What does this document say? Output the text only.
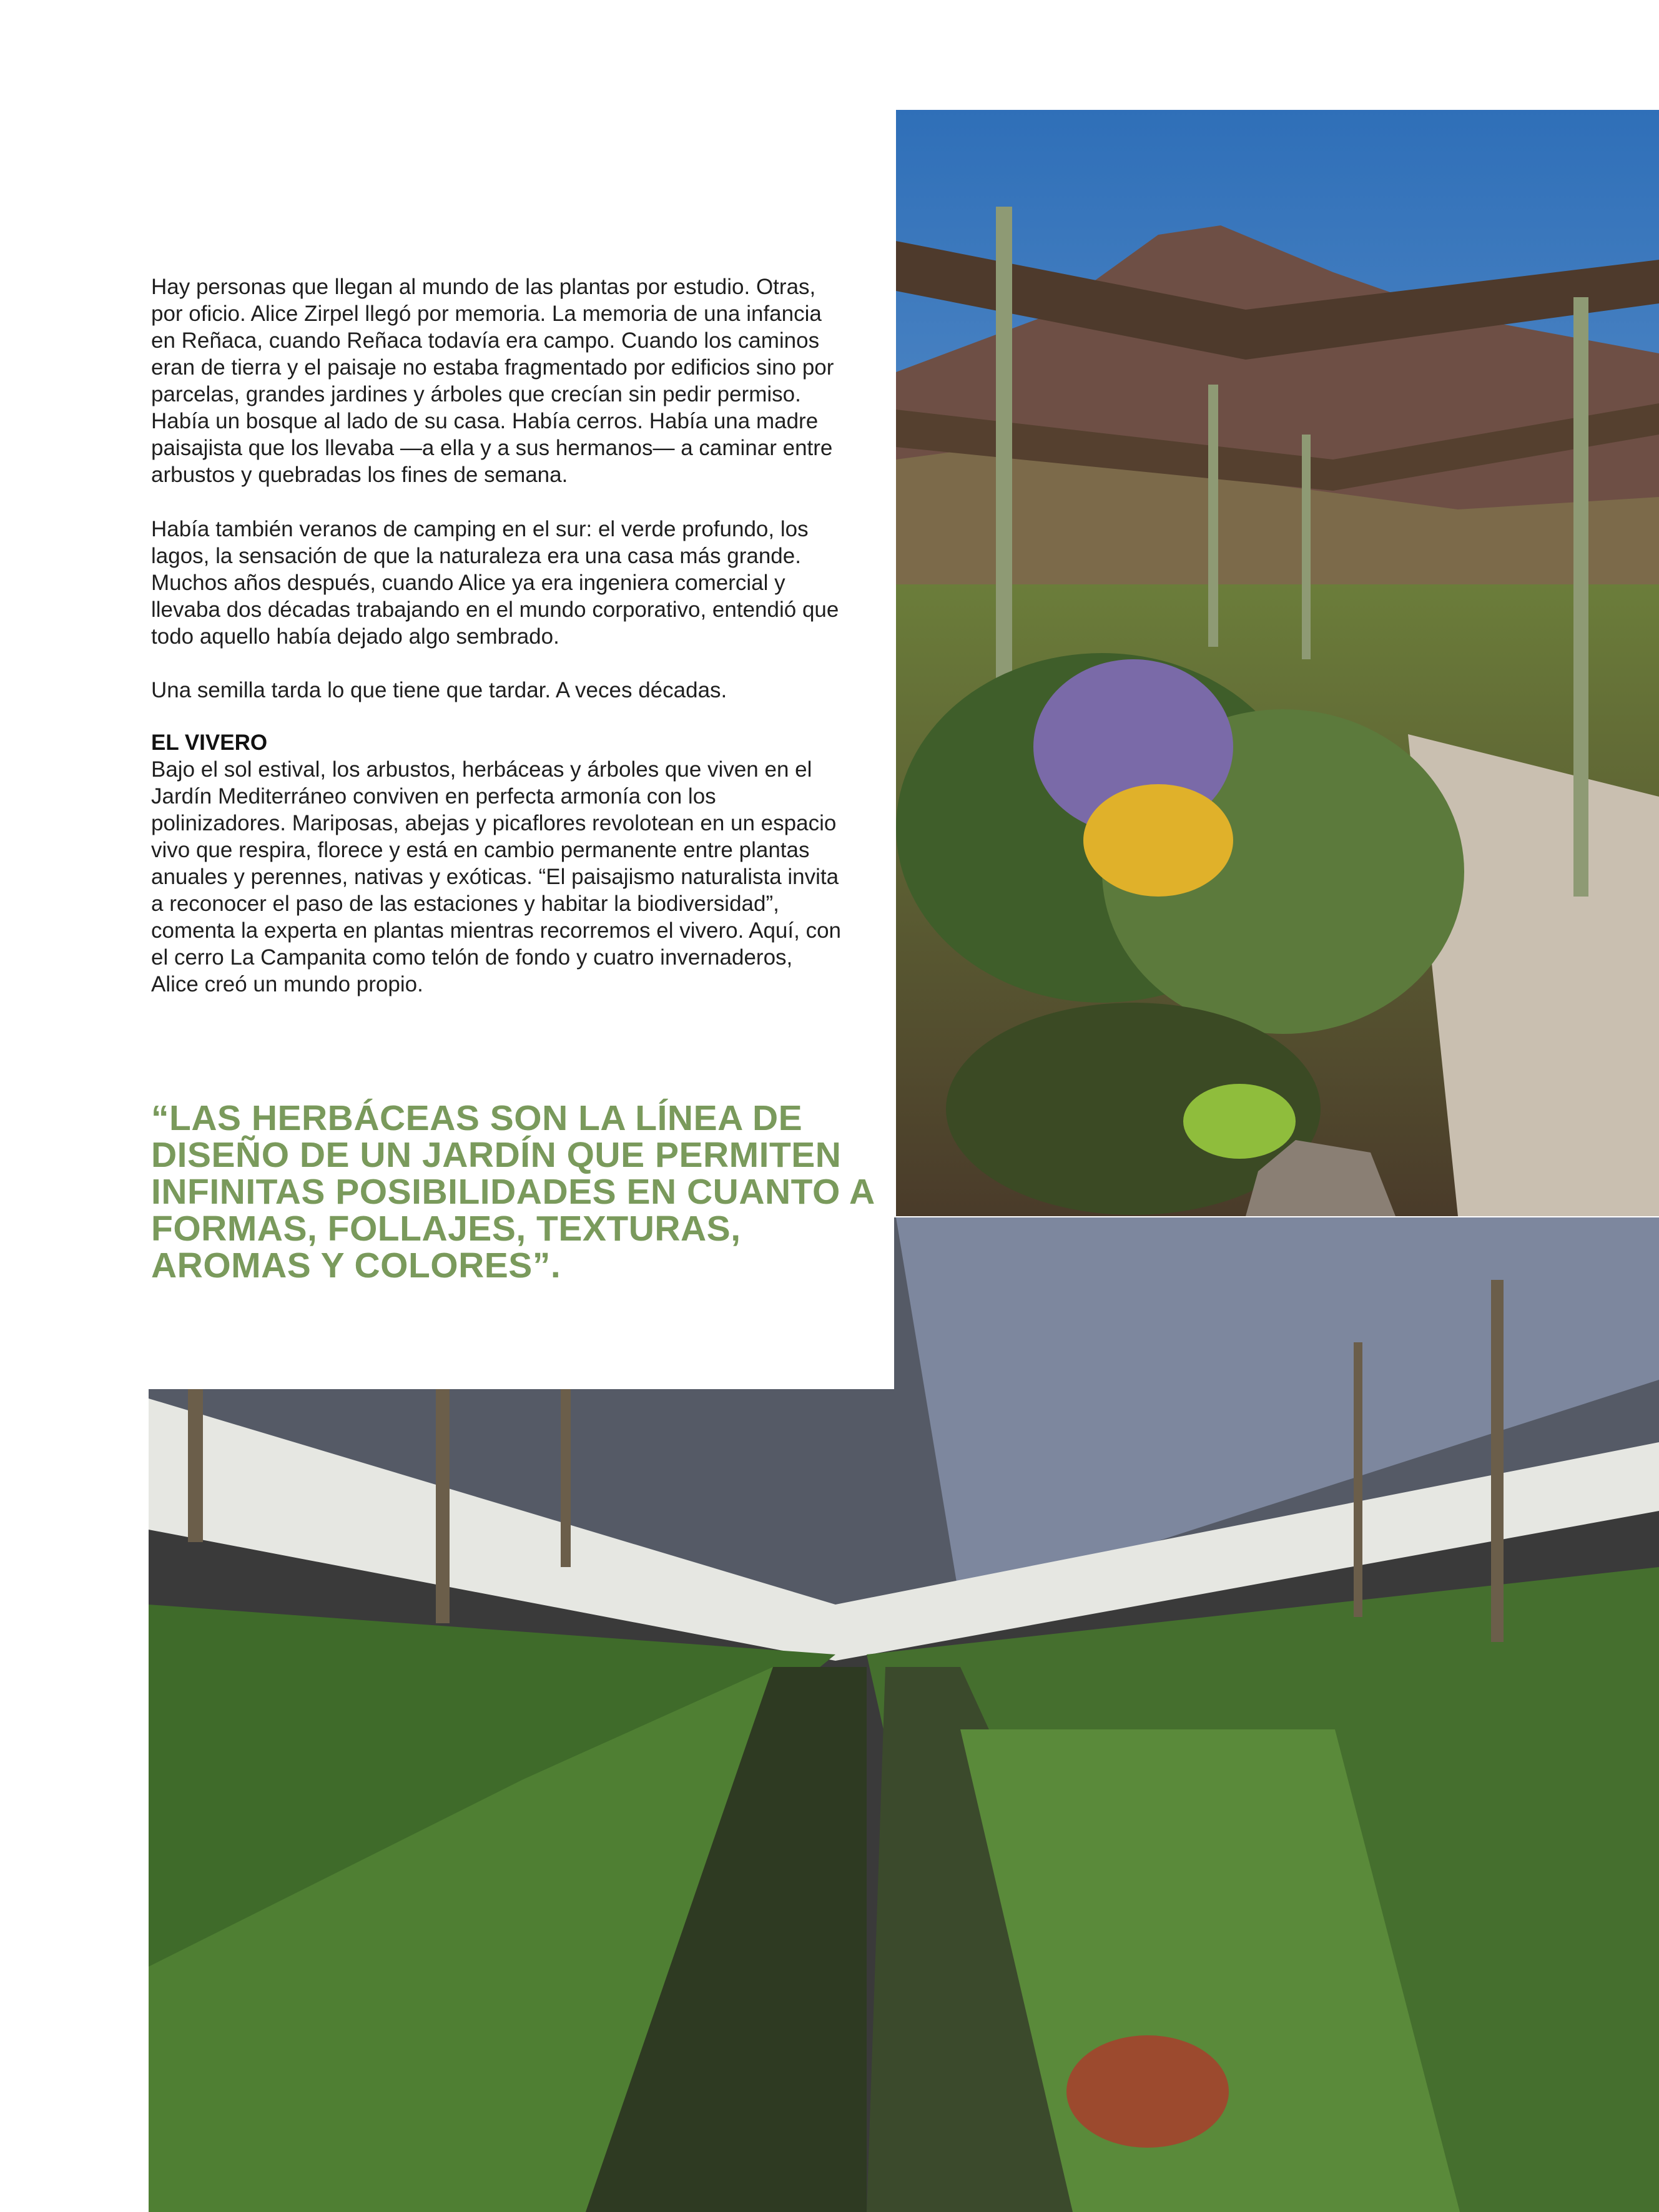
Hay personas que llegan al mundo de las plantas por estudio. Otras, por oficio. Alice Zirpel llegó por memoria. La memoria de una infancia en Reñaca, cuando Reñaca todavía era campo. Cuando los caminos eran de tierra y el paisaje no estaba fragmentado por edificios sino por parcelas, grandes jardines y árboles que crecían sin pedir permiso. Había un bosque al lado de su casa. Había cerros. Había una madre paisajista que los llevaba —a ella y a sus hermanos— a caminar entre arbustos y quebradas los fines de semana.

Había también veranos de camping en el sur: el verde profundo, los lagos, la sensación de que la naturaleza era una casa más grande. Muchos años después, cuando Alice ya era ingeniera comercial y llevaba dos décadas trabajando en el mundo corporativo, entendió que todo aquello había dejado algo sembrado.

Una semilla tarda lo que tiene que tardar. A veces décadas.

EL VIVERO

Bajo el sol estival, los arbustos, herbáceas y árboles que viven en el Jardín Mediterráneo conviven en perfecta armonía con los polinizadores. Mariposas, abejas y picaflores revolotean en un espacio vivo que respira, florece y está en cambio permanente entre plantas anuales y perennes, nativas y exóticas. “El paisajismo naturalista invita a reconocer el paso de las estaciones y habitar la biodiversidad”, comenta la experta en plantas mientras recorremos el vivero. Aquí, con el cerro La Campanita como telón de fondo y cuatro invernaderos, Alice creó un mundo propio.

“LAS HERBÁCEAS SON LA LÍNEA DE DISEÑO DE UN JARDÍN QUE PERMITEN INFINITAS POSIBILIDADES EN CUANTO A FORMAS, FOLLAJES, TEXTURAS, AROMAS Y COLORES”.
